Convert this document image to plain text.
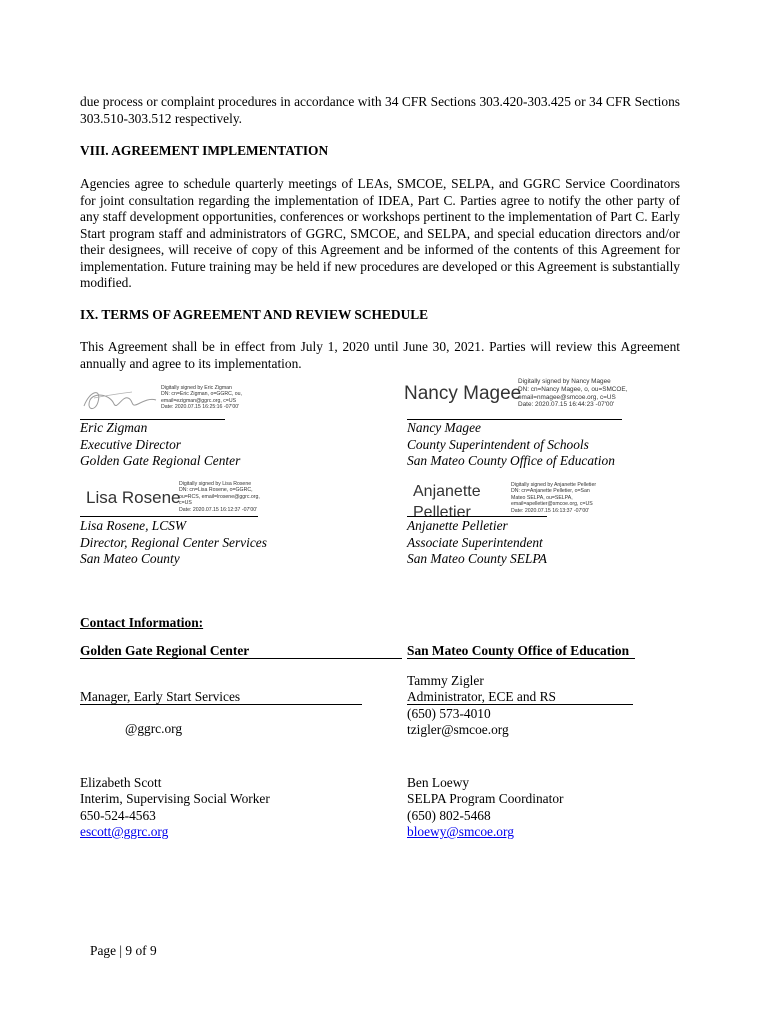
due process or complaint procedures in accordance with 34 CFR Sections 303.420-303.425 or 34 CFR Sections 303.510-303.512 respectively.
VIII. AGREEMENT IMPLEMENTATION
Agencies agree to schedule quarterly meetings of LEAs, SMCOE, SELPA, and GGRC Service Coordinators for joint consultation regarding the implementation of IDEA, Part C. Parties agree to notify the other party of any staff development opportunities, conferences or workshops pertinent to the implementation of Part C. Early Start program staff and administrators of GGRC, SMCOE, and SELPA, and special education directors and/or their designees, will receive of copy of this Agreement and be informed of the contents of this Agreement for implementation. Future training may be held if new procedures are developed or this Agreement is substantially modified.
IX. TERMS OF AGREEMENT AND REVIEW SCHEDULE
This Agreement shall be in effect from July 1, 2020 until June 30, 2021. Parties will review this Agreement annually and agree to its implementation.
Digitally signed by Eric Zigman
DN: cn=Eric Zigman, o=GGRC, ou,
email=ezigman@ggrc.org, c=US
Date: 2020.07.15 16:25:16 -07'00'
Eric Zigman
Executive Director
Golden Gate Regional Center
Nancy Magee
Digitally signed by Nancy Magee
DN: cn=Nancy Magee, o, ou=SMCOE,
email=nmagee@smcoe.org, c=US
Date: 2020.07.15 16:44:23 -07'00'
Nancy Magee
County Superintendent of Schools
San Mateo County Office of Education
Lisa Rosene
Digitally signed by Lisa Rosene
DN: cn=Lisa Rosene, o=GGRC,
ou=RCS, email=lrosene@ggrc.org,
c=US
Date: 2020.07.15 16:12:37 -07'00'
Lisa Rosene, LCSW
Director, Regional Center Services
San Mateo County
Anjanette
Pelletier
Digitally signed by Anjanette Pelletier
DN: cn=Anjanette Pelletier, o=San
Mateo SELPA, ou=SELPA,
email=apelletier@smcoe.org, c=US
Date: 2020.07.15 16:13:37 -07'00'
Anjanette Pelletier
Associate Superintendent
San Mateo County SELPA
Contact Information:
Golden Gate Regional Center	San Mateo County Office of Education
Manager, Early Start Services
@ggrc.org
Tammy Zigler
Administrator, ECE and RS
(650) 573-4010
tzigler@smcoe.org
Elizabeth Scott
Interim, Supervising Social Worker
650-524-4563
escott@ggrc.org
Ben Loewy
SELPA Program Coordinator
(650) 802-5468
bloewy@smcoe.org
Page | 9 of 9
